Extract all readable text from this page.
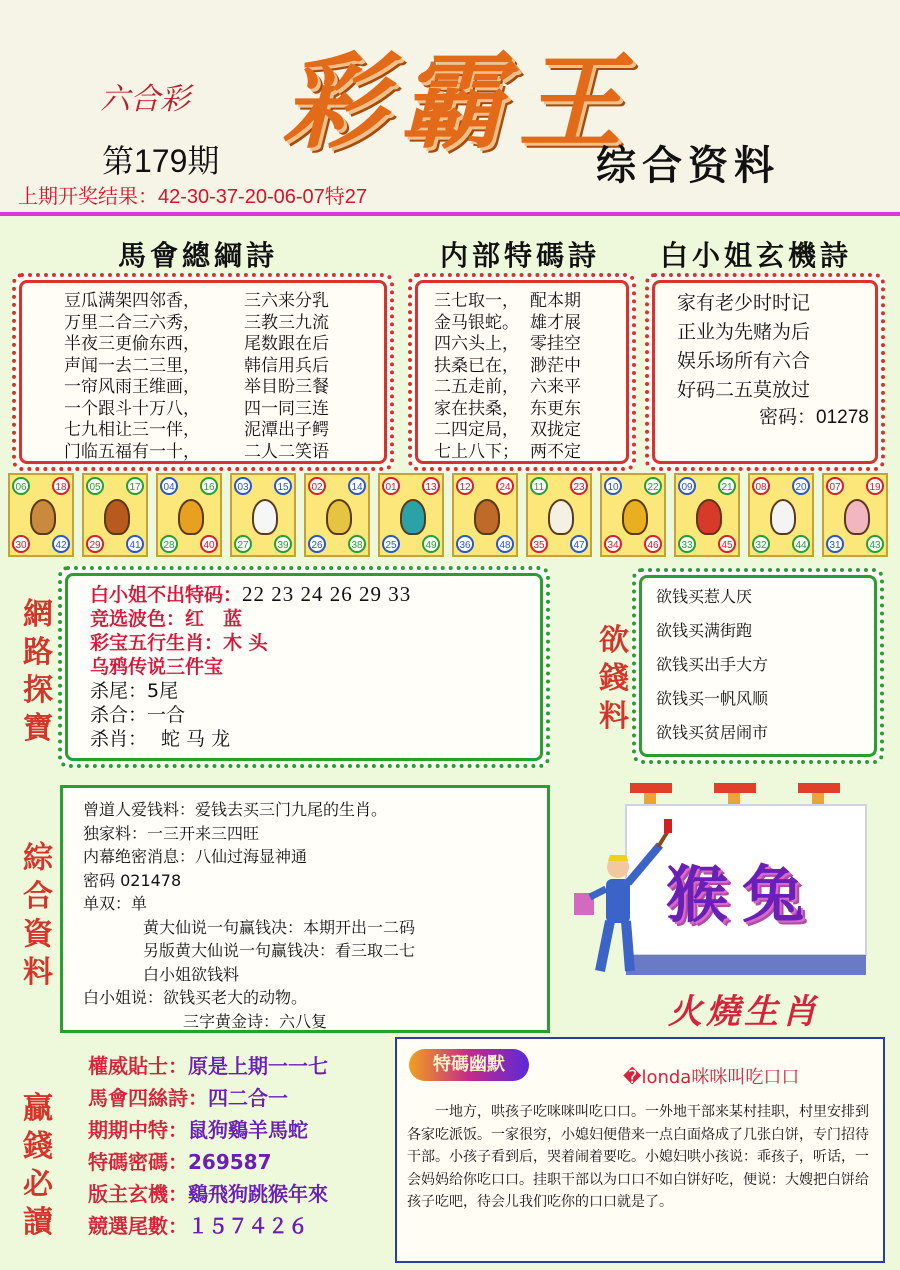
六合彩 彩霸王
第179期	综合资料
上期开奖结果：42-30-37-20-06-07特27
馬會總綱詩	内部特碼詩 白小姐玄機詩
豆瓜满架四邻香，	三六来分乳
万里二合三六秀，	三教三九流
半夜三更偷东西，	尾数跟在后
声闻一去二三里，	韩信用兵后
一帘风雨王维画，	举目盼三餐
一个跟斗十万八，	四一同三连
七九相让三一伴，	泥潭出子鳄
门临五福有一十，	二人二笑语
三七取一， 配本期
金马银蛇。 雄才展
四六头上， 零挂空
扶桑已在， 渺茫中
二五走前， 六来平
家在扶桑， 东更东
二四定局， 双拢定
七上八下； 两不定
家有老少时时记
正业为先赌为后
娱乐场所有六合
好码二五莫放过
密码：01278
06	18
30	42
05	17
29	41
04	16
28	40
03	15
27	39
02	14
26	38
01	13
25	49
12	24
36	48
11	23
35	47
10	22
34	46
09	21
33	45
08	20
32	44
07	19
31	43
網
路
探
寶
白小姐不出特码：22 23 24 26 29 33
竞选波色：红　蓝
彩宝五行生肖：木 头
乌鸦传说三件宝
杀尾：5尾
杀合：一合
杀肖： 蛇 马 龙
欲
錢
料
欲钱买惹人厌
欲钱买满街跑
欲钱买出手大方
欲钱买一帆风顺
欲钱买贫居闹市
綜
合
資
料
曾道人爱钱料：爱钱去买三门九尾的生肖。
独家料：一三开来三四旺
内幕绝密消息：八仙过海显神通
密码 021478
单双：单
黄大仙说一句赢钱决：本期开出一二码
另版黄大仙说一句赢钱决：看三取二七
白小姐欲钱料
白小姐说：欲钱买老大的动物。
三字黄金诗：六八复
猴兔
火燒生肖
贏
錢
必
讀
權威貼士：原是上期一一七
馬會四絲詩：四二合一
期期中特：鼠狗鷄羊馬蛇
特碼密碼：269587
版主玄機：鷄飛狗跳猴年來
競選尾數：１５７４２６
特碼幽默
�londa咪咪叫吃口口
一地方，哄孩子吃咪咪叫吃口口。一外地干部来某村挂职，村里安排到各家吃派饭。一家很穷，小媳妇便借来一点白面烙成了几张白饼，专门招待干部。小孩子看到后，哭着闹着要吃。小媳妇哄小孩说：乖孩子，听话，一会妈妈给你吃口口。挂职干部以为口口不如白饼好吃，便说：大嫂把白饼给孩子吃吧，待会儿我们吃你的口口就是了。
